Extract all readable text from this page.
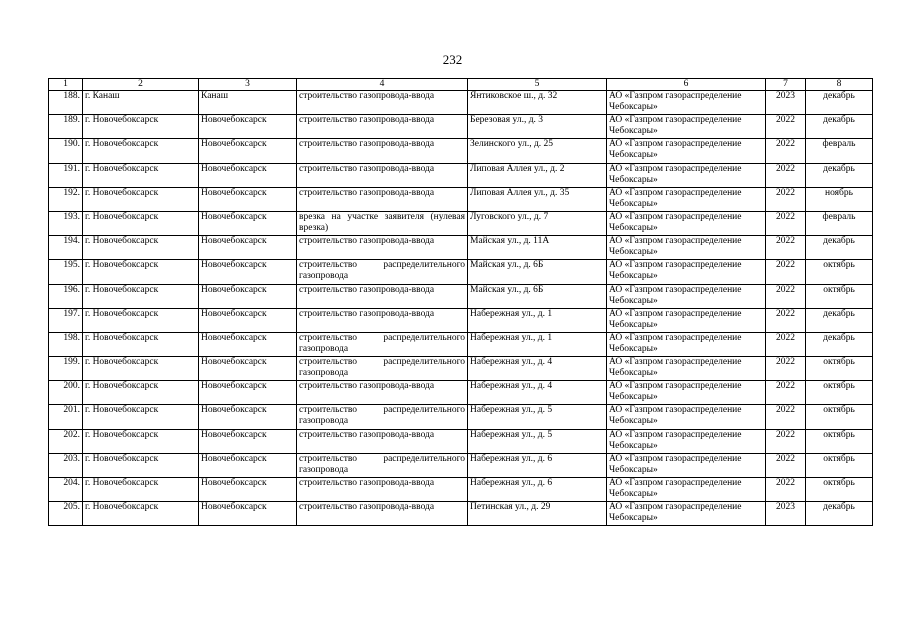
232
1	2	3	4	5	6	7	8
188.	г. Канаш	Канаш	строительство газопровода-ввода	Янтиковское ш., д. 32	АО «Газпром газораспределение Чебоксары»	2023	декабрь
189.	г. Новочебоксарск	Новочебоксарск	строительство газопровода-ввода	Березовая ул., д. 3	АО «Газпром газораспределение Чебоксары»	2022	декабрь
190.	г. Новочебоксарск	Новочебоксарск	строительство газопровода-ввода	Зелинского ул., д. 25	АО «Газпром газораспределение Чебоксары»	2022	февраль
191.	г. Новочебоксарск	Новочебоксарск	строительство газопровода-ввода	Липовая Аллея ул., д. 2	АО «Газпром газораспределение Чебоксары»	2022	декабрь
192.	г. Новочебоксарск	Новочебоксарск	строительство газопровода-ввода	Липовая Аллея ул., д. 35	АО «Газпром газораспределение Чебоксары»	2022	ноябрь
193.	г. Новочебоксарск	Новочебоксарск	врезка на участке заявителя (нулевая врезка)	Луговского ул., д. 7	АО «Газпром газораспределение Чебоксары»	2022	февраль
194.	г. Новочебоксарск	Новочебоксарск	строительство газопровода-ввода	Майская ул., д. 11А	АО «Газпром газораспределение Чебоксары»	2022	декабрь
195.	г. Новочебоксарск	Новочебоксарск	строительство распределительного газопровода	Майская ул., д. 6Б	АО «Газпром газораспределение Чебоксары»	2022	октябрь
196.	г. Новочебоксарск	Новочебоксарск	строительство газопровода-ввода	Майская ул., д. 6Б	АО «Газпром газораспределение Чебоксары»	2022	октябрь
197.	г. Новочебоксарск	Новочебоксарск	строительство газопровода-ввода	Набережная ул., д. 1	АО «Газпром газораспределение Чебоксары»	2022	декабрь
198.	г. Новочебоксарск	Новочебоксарск	строительство распределительного газопровода	Набережная ул., д. 1	АО «Газпром газораспределение Чебоксары»	2022	декабрь
199.	г. Новочебоксарск	Новочебоксарск	строительство распределительного газопровода	Набережная ул., д. 4	АО «Газпром газораспределение Чебоксары»	2022	октябрь
200.	г. Новочебоксарск	Новочебоксарск	строительство газопровода-ввода	Набережная ул., д. 4	АО «Газпром газораспределение Чебоксары»	2022	октябрь
201.	г. Новочебоксарск	Новочебоксарск	строительство распределительного газопровода	Набережная ул., д. 5	АО «Газпром газораспределение Чебоксары»	2022	октябрь
202.	г. Новочебоксарск	Новочебоксарск	строительство газопровода-ввода	Набережная ул., д. 5	АО «Газпром газораспределение Чебоксары»	2022	октябрь
203.	г. Новочебоксарск	Новочебоксарск	строительство распределительного газопровода	Набережная ул., д. 6	АО «Газпром газораспределение Чебоксары»	2022	октябрь
204.	г. Новочебоксарск	Новочебоксарск	строительство газопровода-ввода	Набережная ул., д. 6	АО «Газпром газораспределение Чебоксары»	2022	октябрь
205.	г. Новочебоксарск	Новочебоксарск	строительство газопровода-ввода	Петинская ул., д. 29	АО «Газпром газораспределение Чебоксары»	2023	декабрь
